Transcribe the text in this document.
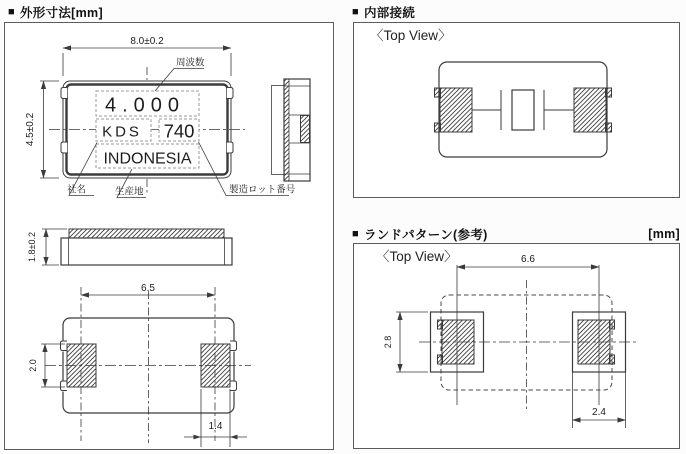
■ 外形寸法[mm]	■ 内部接続
■ ランドパターン(参考)	[mm]
8.0±0.2
周波数
4.000
KDS 740
INDONESIA
4.5±0.2
社名	生産地	製造ロット番号
1.8±0.2
6.5
2.0
1.4
〈Top View〉
〈Top View〉	6.6
2.8
2.4
